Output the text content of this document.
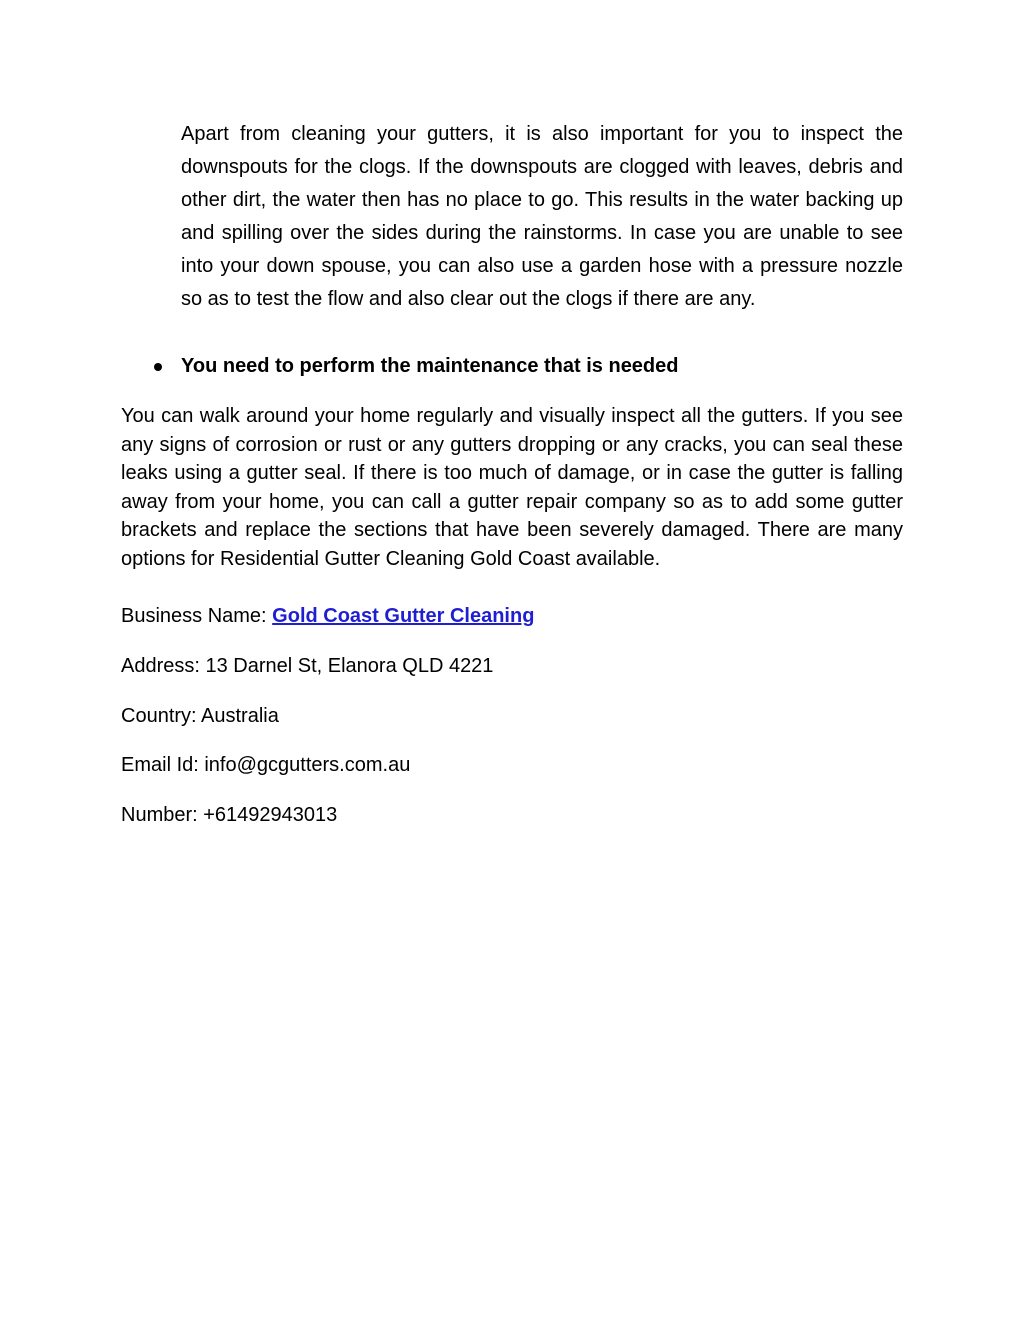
Apart from cleaning your gutters, it is also important for you to inspect the downspouts for the clogs. If the downspouts are clogged with leaves, debris and other dirt, the water then has no place to go. This results in the water backing up and spilling over the sides during the rainstorms. In case you are unable to see into your down spouse, you can also use a garden hose with a pressure nozzle so as to test the flow and also clear out the clogs if there are any.

You need to perform the maintenance that is needed

You can walk around your home regularly and visually inspect all the gutters. If you see any signs of corrosion or rust or any gutters dropping or any cracks, you can seal these leaks using a gutter seal. If there is too much of damage, or in case the gutter is falling away from your home, you can call a gutter repair company so as to add some gutter brackets and replace the sections that have been severely damaged. There are many options for Residential Gutter Cleaning Gold Coast available.

Business Name: Gold Coast Gutter Cleaning

Address: 13 Darnel St, Elanora QLD 4221

Country: Australia

Email Id: info@gcgutters.com.au

Number: +61492943013
